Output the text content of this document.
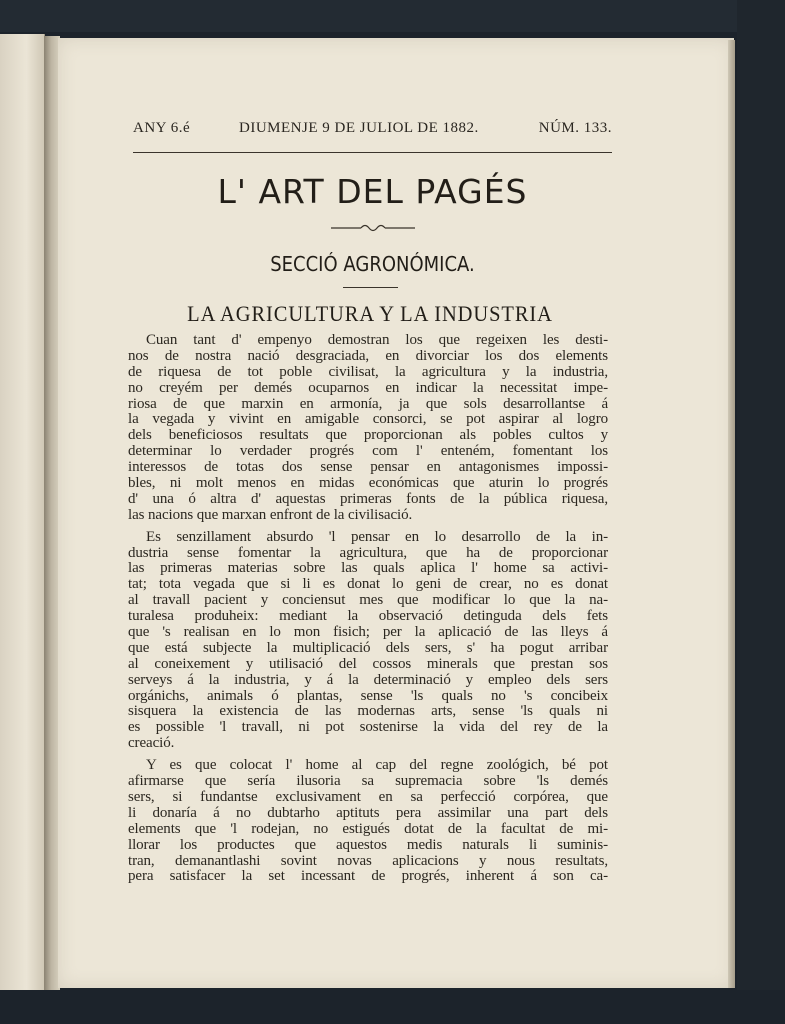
ANY 6.é	DIUMENJE 9 DE JULIOL DE 1882.	NÚM. 133.
L' ART DEL PAGÉS
SECCIÓ AGRONÓMICA.
LA AGRICULTURA Y LA INDUSTRIA
Cuan tant d' empenyo demostran los que regeixen les desti-
nos de nostra nació desgraciada, en divorciar los dos elements
de riquesa de tot poble civilisat, la agricultura y la industria,
no creyém per demés ocuparnos en indicar la necessitat impe-
riosa de que marxin en armonía, ja que sols desarrollantse á
la vegada y vivint en amigable consorci, se pot aspirar al logro
dels beneficiosos resultats que proporcionan als pobles cultos y
determinar lo verdader progrés com l' enteném, fomentant los
interessos de totas dos sense pensar en antagonismes impossi-
bles, ni molt menos en midas económicas que aturin lo progrés
d' una ó altra d' aquestas primeras fonts de la pública riquesa,
las nacions que marxan enfront de la civilisació.
Es senzillament absurdo 'l pensar en lo desarrollo de la in-
dustria sense fomentar la agricultura, que ha de proporcionar
las primeras materias sobre las quals aplica l' home sa activi-
tat; tota vegada que si li es donat lo geni de crear, no es donat
al travall pacient y conciensut mes que modificar lo que la na-
turalesa produheix: mediant la observació detinguda dels fets
que 's realisan en lo mon fisich; per la aplicació de las lleys á
que está subjecte la multiplicació dels sers, s' ha pogut arribar
al coneixement y utilisació del cossos minerals que prestan sos
serveys á la industria, y á la determinació y empleo dels sers
orgánichs, animals ó plantas, sense 'ls quals no 's concibeix
sisquera la existencia de las modernas arts, sense 'ls quals ni
es possible 'l travall, ni pot sostenirse la vida del rey de la
creació.
Y es que colocat l' home al cap del regne zoológich, bé pot
afirmarse que sería ilusoria sa supremacia sobre 'ls demés
sers, si fundantse exclusivament en sa perfecció corpórea, que
li donaría á no dubtarho aptituts pera assimilar una part dels
elements que 'l rodejan, no estigués dotat de la facultat de mi-
llorar los productes que aquestos medis naturals li suminis-
tran, demanantlashi sovint novas aplicacions y nous resultats,
pera satisfacer la set incessant de progrés, inherent á son ca-
